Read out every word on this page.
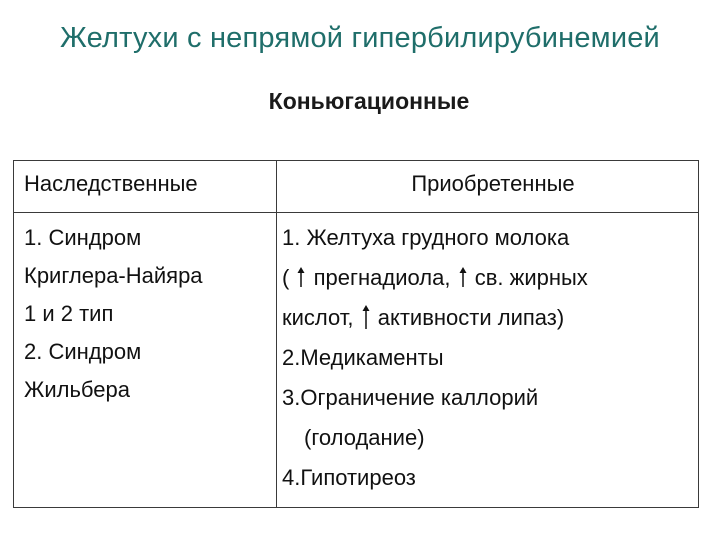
Желтухи с непрямой гипербилирубинемией
Коньюгационные
Наследственные	Приобретенные
1. Синдром
Криглера-Найяра
1 и 2 тип
2. Синдром
Жильбера
1. Желтуха грудного молока
( прегнадиола, св. жирных
кислот, активности липаз)
2.Медикаменты
3.Ограничение каллорий
(голодание)
4.Гипотиреоз
